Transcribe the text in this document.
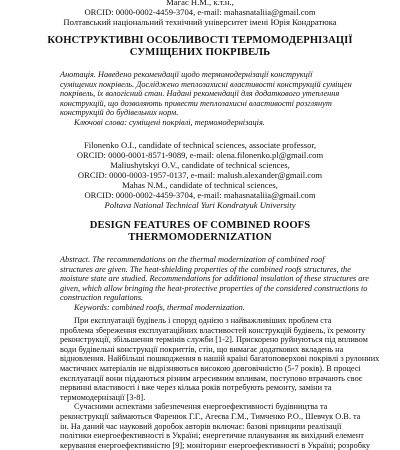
Магас Н.М., к.т.н.,
ORCID: 0000-0002-4459-3704, e-mail: mahasnataliia@gmail.com
Полтавський національний технічний університет імені Юрія Кондратюка
КОНСТРУКТИВНІ ОСОБЛИВОСТІ ТЕРМОМОДЕРНІЗАЦІЇ
СУМІЩЕНИХ ПОКРІВЕЛЬ
Анотація. Наведено рекомендації щодо термомодернізації конструкції
суміщених покрівель. Досліджено теплозахисні властивості конструкцій суміщен
покрівель, їх вологісний стан. Надані рекомендації для додаткового утеплення
конструкцій, що дозволяють привести теплозахисні властивості розглянут
конструкцій до будівельних норм.
Ключові слова: суміщені покрівлі, термомодернізація.
Filonenko O.I., candidate of technical sciences, associate professor,
ORCID: 0000-0001-8571-9089, e-mail: olena.filonenko.pl@gmail.com
Maliushytskyi O.V., candidate of technical sciences,
ORCID: 0000-0003-1957-0137, e-mail: malush.alexander@gmail.com
Mahas N.M., candidate of technical sciences,
ORCID: 0000-0002-4459-3704, e-mail: mahasnataliia@gmail.com
Poltava National Technical Yuri Kondratyuk University
DESIGN FEATURES OF COMBINED ROOFS
THERMOMODERNIZATION
Abstract. The recommendations on the thermal modernization of combined roof
structures are given. The heat-shielding properties of the combined roofs structures, the
moisture state are studied. Recommendations for additional insulation of these structures are
given, which allow bringing the heat-protective properties of the considered constructions to
construction regulations.
Keywords: combined roofs, thermal modernization.
При експлуатації будівель і споруд однією з найважливіших проблем ста
проблема збереження експлуатаційних властивостей конструкцій будівель, їх ремонту
реконструкції, збільшення термінів служби [1-2]. Прискорено руйнуються під впливом
води будівельні конструкції покриттів, стін, що вимагає додаткових вкладень на
відновлення. Найбільші пошкодження в нашій країні багатоповерхові покрівлі з рулонних
мастичних матеріалів не відрізняються високою довговічністю (5-7 років). В процесі
експлуатації вони піддаються різним агресивним впливам, поступово втрачають своє
первинні властивості і вже через кілька років потребують ремонту, заміни та
термомодернізації [3-8].
Сучасними аспектами забезпечення енергоефективності будівництва та
реконструкції займаються Фаренюк Г.Г., Агеєва Г.М., Тимченко Р.О., Шевчук О.В. та
ін. На даний час науковий доробок авторів включає: базові принципи реалізації
політики енергоефективності в Україні; енергетичне планування як вихідний елемент
керування енергоефективністю [9]; моніторинг енергоефективності в Україні; розробку
